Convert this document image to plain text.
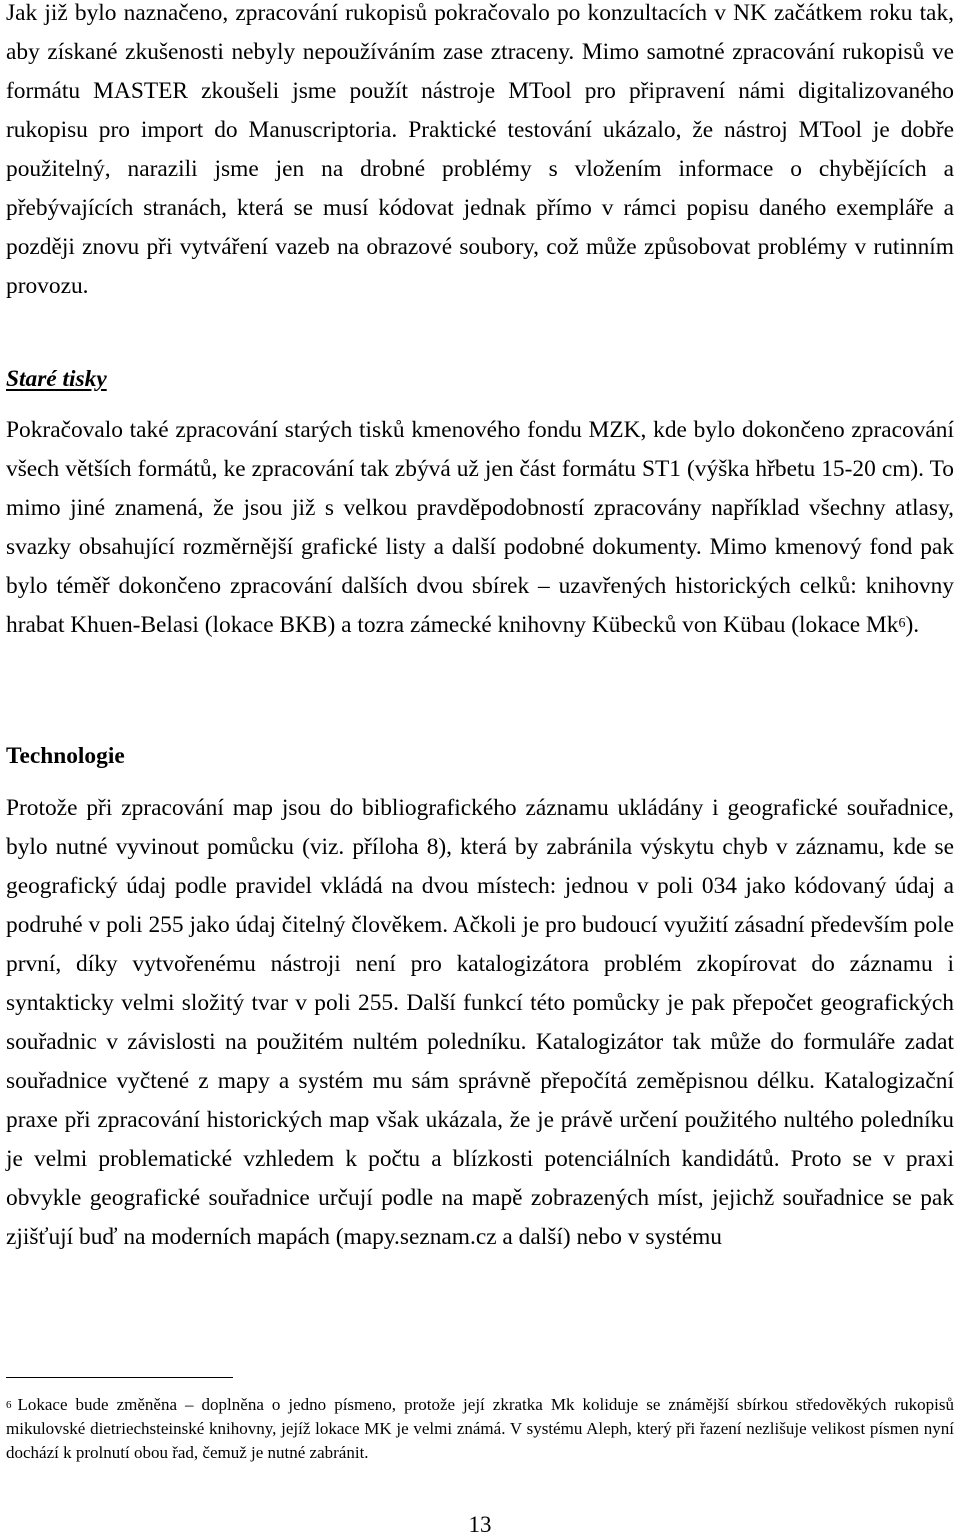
Jak již bylo naznačeno, zpracování rukopisů pokračovalo po konzultacích v NK začátkem roku tak, aby získané zkušenosti nebyly nepoužíváním zase ztraceny. Mimo samotné zpracování rukopisů ve formátu MASTER zkoušeli jsme použít nástroje MTool pro připravení námi digitalizovaného rukopisu pro import do Manuscriptoria. Praktické testování ukázalo, že nástroj MTool je dobře použitelný, narazili jsme jen na drobné problémy s vložením informace o chybějících a přebývajících stranách, která se musí kódovat jednak přímo v rámci popisu daného exempláře a později znovu při vytváření vazeb na obrazové soubory, což může způsobovat problémy v rutinním provozu.

Staré tisky

Pokračovalo také zpracování starých tisků kmenového fondu MZK, kde bylo dokončeno zpracování všech větších formátů, ke zpracování tak zbývá už jen část formátu ST1 (výška hřbetu 15-20 cm). To mimo jiné znamená, že jsou již s velkou pravděpodobností zpracovány například všechny atlasy, svazky obsahující rozměrnější grafické listy a další podobné dokumenty. Mimo kmenový fond pak bylo téměř dokončeno zpracování dalších dvou sbírek – uzavřených historických celků: knihovny hrabat Khuen-Belasi (lokace BKB) a tozra zámecké knihovny Kübecků von Kübau (lokace Mk$^6$).

Technologie

Protože při zpracování map jsou do bibliografického záznamu ukládány i geografické souřadnice, bylo nutné vyvinout pomůcku (viz. příloha 8), která by zabránila výskytu chyb v záznamu, kde se geografický údaj podle pravidel vkládá na dvou místech: jednou v poli 034 jako kódovaný údaj a podruhé v poli 255 jako údaj čitelný člověkem. Ačkoli je pro budoucí využití zásadní především pole první, díky vytvořenému nástroji není pro katalogizátora problém zkopírovat do záznamu i syntakticky velmi složitý tvar v poli 255. Další funkcí této pomůcky je pak přepočet geografických souřadnic v závislosti na použitém nultém poledníku. Katalogizátor tak může do formuláře zadat souřadnice vyčtené z mapy a systém mu sám správně přepočítá zeměpisnou délku. Katalogizační praxe při zpracování historických map však ukázala, že je právě určení použitého nultého poledníku je velmi problematické vzhledem k počtu a blízkosti potenciálních kandidátů. Proto se v praxi obvykle geografické souřadnice určují podle na mapě zobrazených míst, jejichž souřadnice se pak zjišťují buď na moderních mapách (mapy.seznam.cz a další) nebo v systému

$^6$ Lokace bude změněna – doplněna o jedno písmeno, protože její zkratka Mk koliduje se známější sbírkou středověkých rukopisů mikulovské dietriechsteinské knihovny, jejíž lokace MK je velmi známá. V systému Aleph, který při řazení nezlišuje velikost písmen nyní dochází k prolnutí obou řad, čemuž je nutné zabránit.

13
